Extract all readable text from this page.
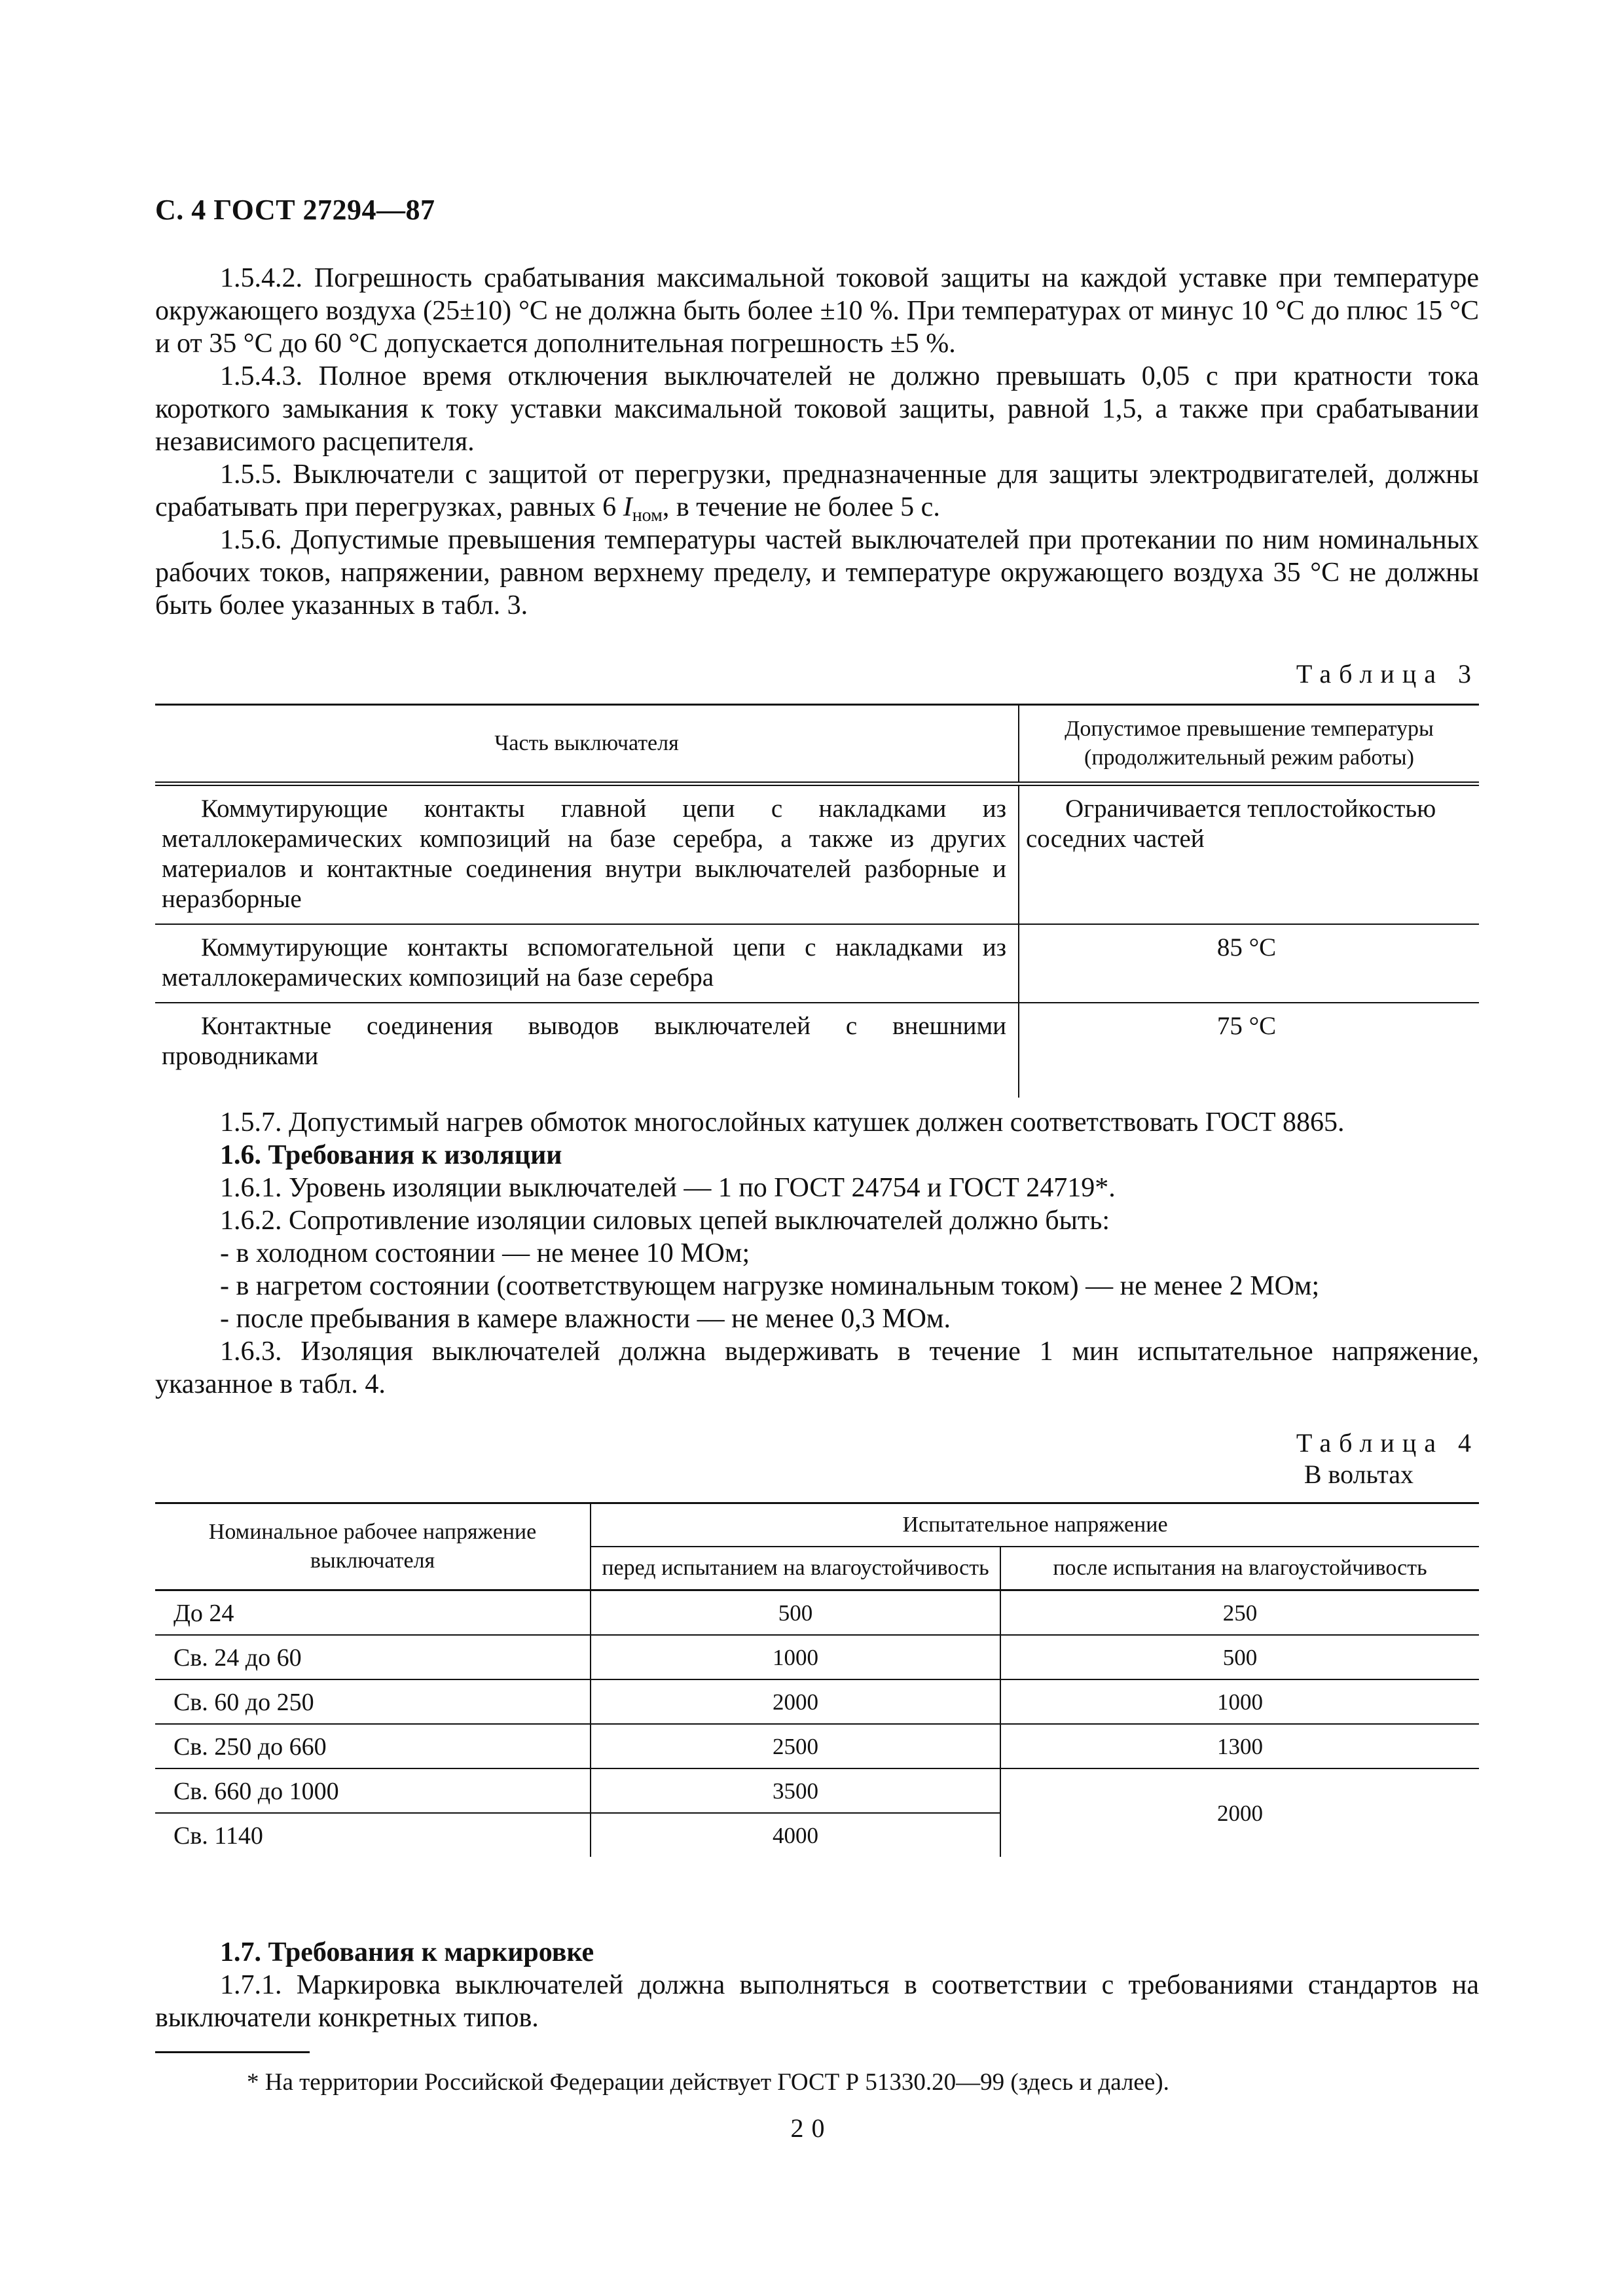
С. 4 ГОСТ 27294—87

1.5.4.2. Погрешность срабатывания максимальной токовой защиты на каждой уставке при температуре окружающего воздуха (25±10) °С не должна быть более ±10 %. При температурах от минус 10 °С до плюс 15 °С и от 35 °С до 60 °С допускается дополнительная погрешность ±5 %.

1.5.4.3. Полное время отключения выключателей не должно превышать 0,05 с при кратности тока короткого замыкания к току уставки максимальной токовой защиты, равной 1,5, а также при срабатывании независимого расцепителя.

1.5.5. Выключатели с защитой от перегрузки, предназначенные для защиты электродвигателей, должны срабатывать при перегрузках, равных 6 $I_{ном}$, в течение не более 5 с.

1.5.6. Допустимые превышения температуры частей выключателей при протекании по ним номинальных рабочих токов, напряжении, равном верхнему пределу, и температуре окружающего воздуха 35 °С не должны быть более указанных в табл. 3.

Таблица 3
Часть выключателя	Допустимое превышение температуры (продолжительный режим работы)
Коммутирующие контакты главной цепи с накладками из металлокерамических композиций на базе серебра, а также из других материалов и контактные соединения внутри выключателей разборные и неразборные	Ограничивается теплостойкостью соседних частей
Коммутирующие контакты вспомогательной цепи с накладками из металлокерамических композиций на базе серебра	85 °С
Контактные соединения выводов выключателей с внешними проводниками	75 °С

1.5.7. Допустимый нагрев обмоток многослойных катушек должен соответствовать ГОСТ 8865.

1.6. Требования к изоляции

1.6.1. Уровень изоляции выключателей — 1 по ГОСТ 24754 и ГОСТ 24719*.

1.6.2. Сопротивление изоляции силовых цепей выключателей должно быть:

- в холодном состоянии — не менее 10 МОм;

- в нагретом состоянии (соответствующем нагрузке номинальным током) — не менее 2 МОм;

- после пребывания в камере влажности — не менее 0,3 МОм.

1.6.3. Изоляция выключателей должна выдерживать в течение 1 мин испытательное напряжение, указанное в табл. 4.

Таблица 4
В вольтах
Номинальное рабочее напряжение выключателя	Испытательное напряжение	
	перед испытанием на влагоустойчивость	после испытания на влагоустойчивость
До 24	500	250
Св. 24 до 60	1000	500
Св. 60 до 250	2000	1000
Св. 250 до 660	2500	1300
Св. 660 до 1000	3500	2000
Св. 1140	4000	

1.7. Требования к маркировке

1.7.1. Маркировка выключателей должна выполняться в соответствии с требованиями стандартов на выключатели конкретных типов.

* На территории Российской Федерации действует ГОСТ Р 51330.20—99 (здесь и далее).
20
